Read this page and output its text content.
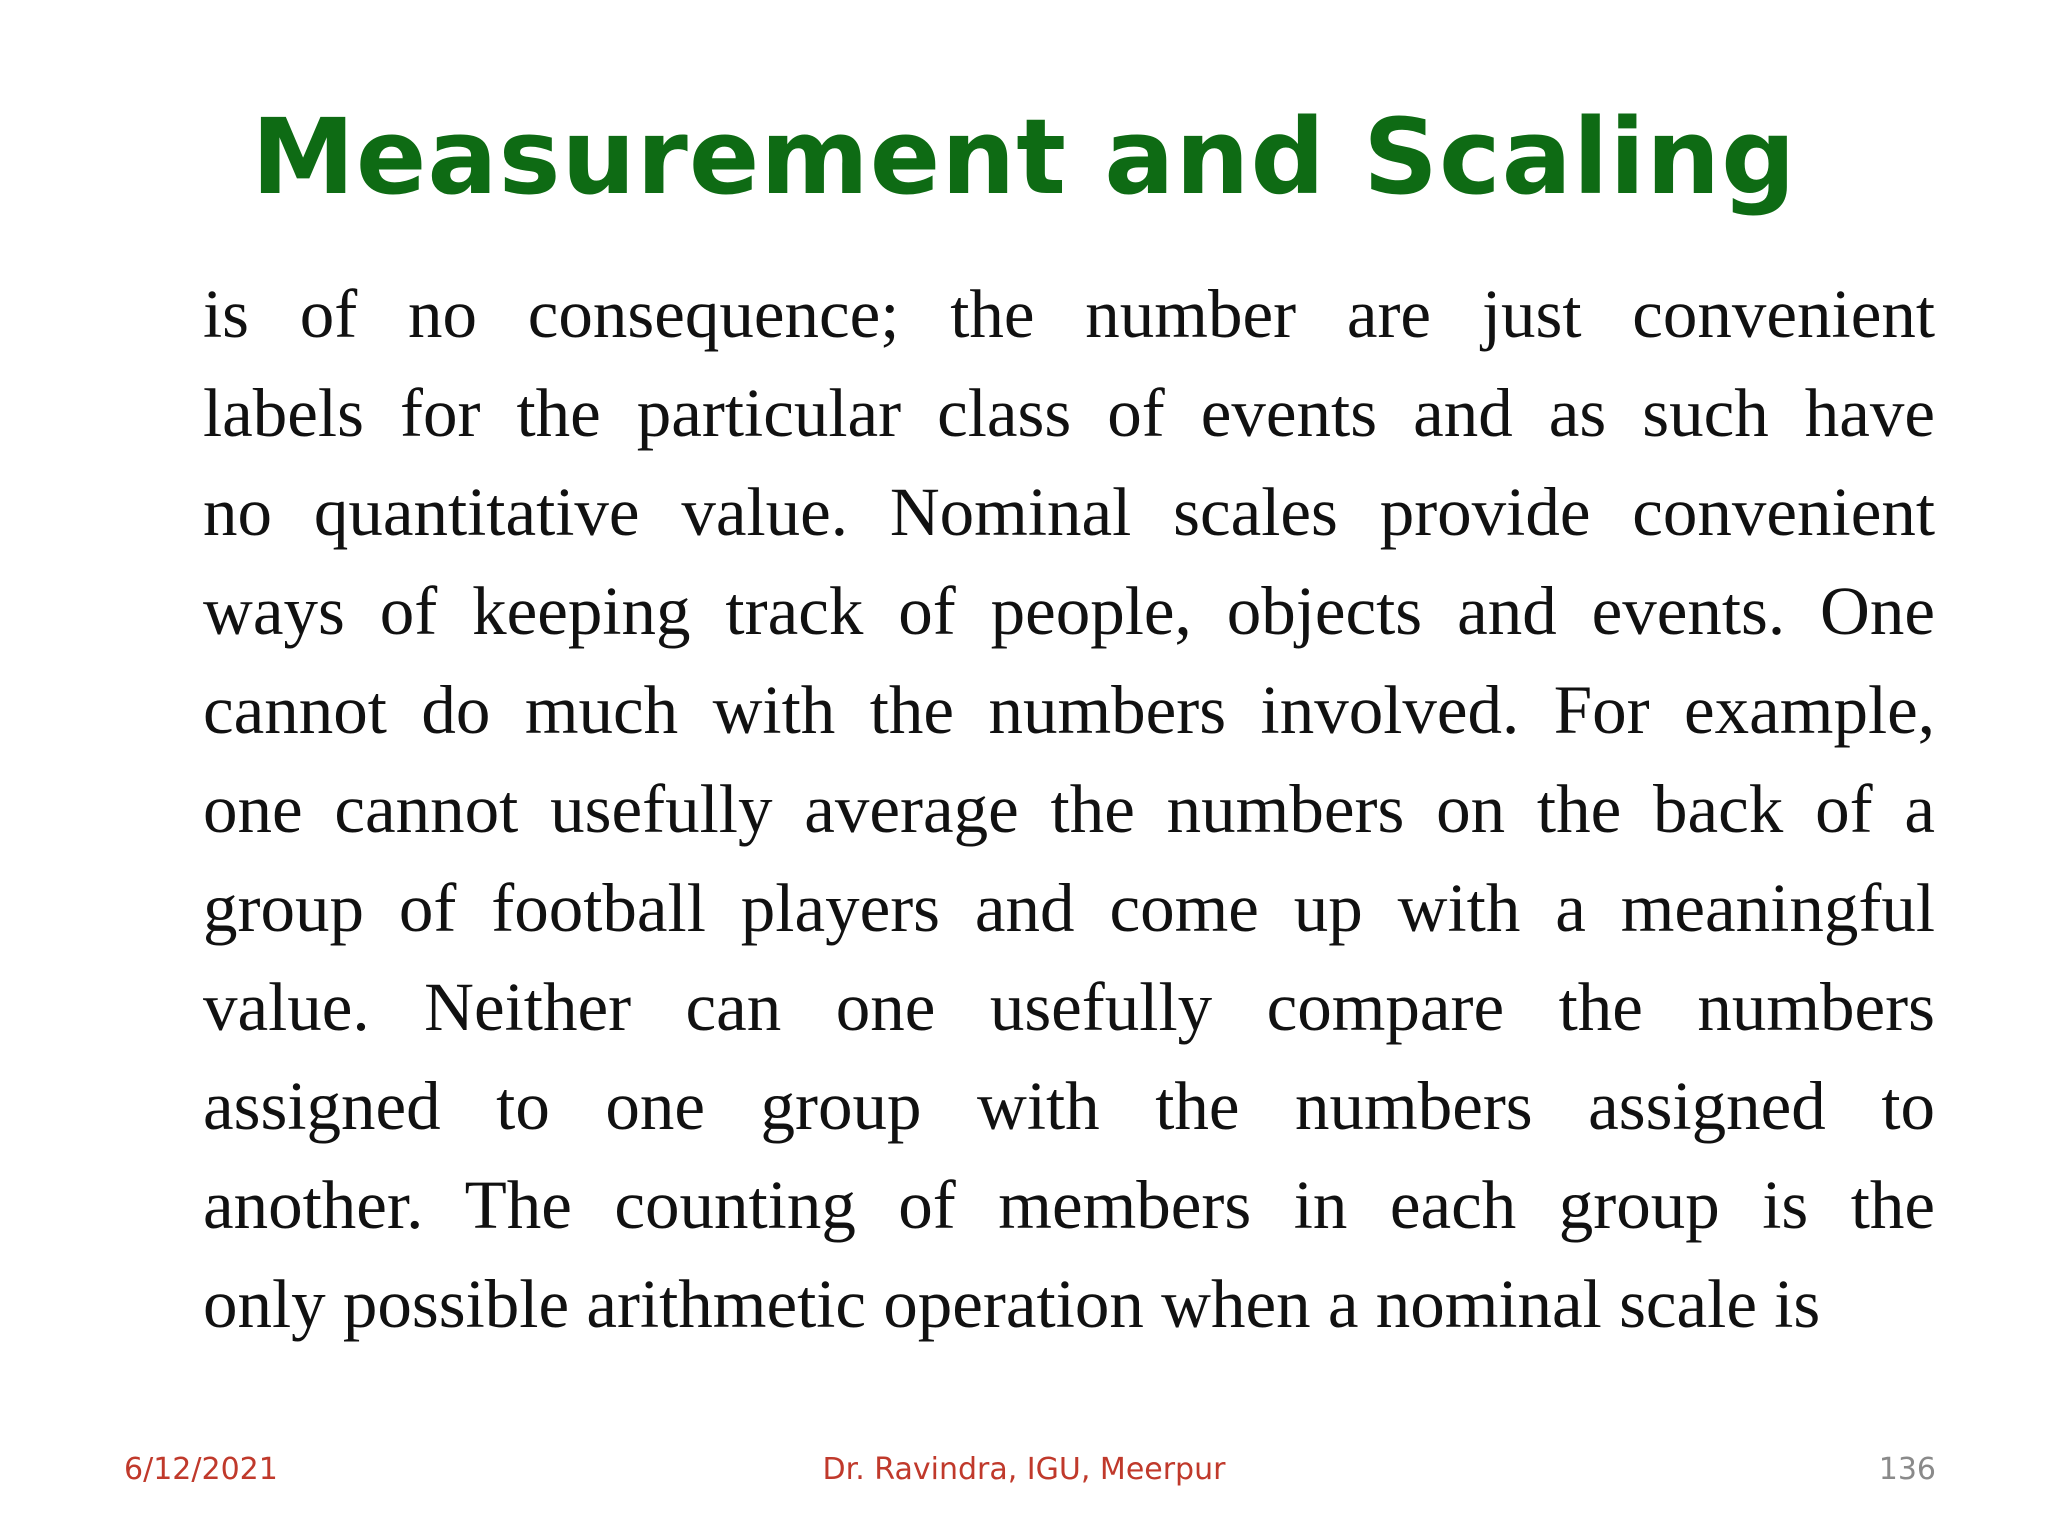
Measurement and Scaling
is of no consequence; the number are just convenient
labels for the particular class of events and as such have
no quantitative value. Nominal scales provide convenient
ways of keeping track of people, objects and events. One
cannot do much with the numbers involved. For example,
one cannot usefully average the numbers on the back of a
group of football players and come up with a meaningful
value. Neither can one usefully compare the numbers
assigned to one group with the numbers assigned to
another. The counting of members in each group is the
only possible arithmetic operation when a nominal scale is
6/12/2021	Dr. Ravindra, IGU, Meerpur	136
